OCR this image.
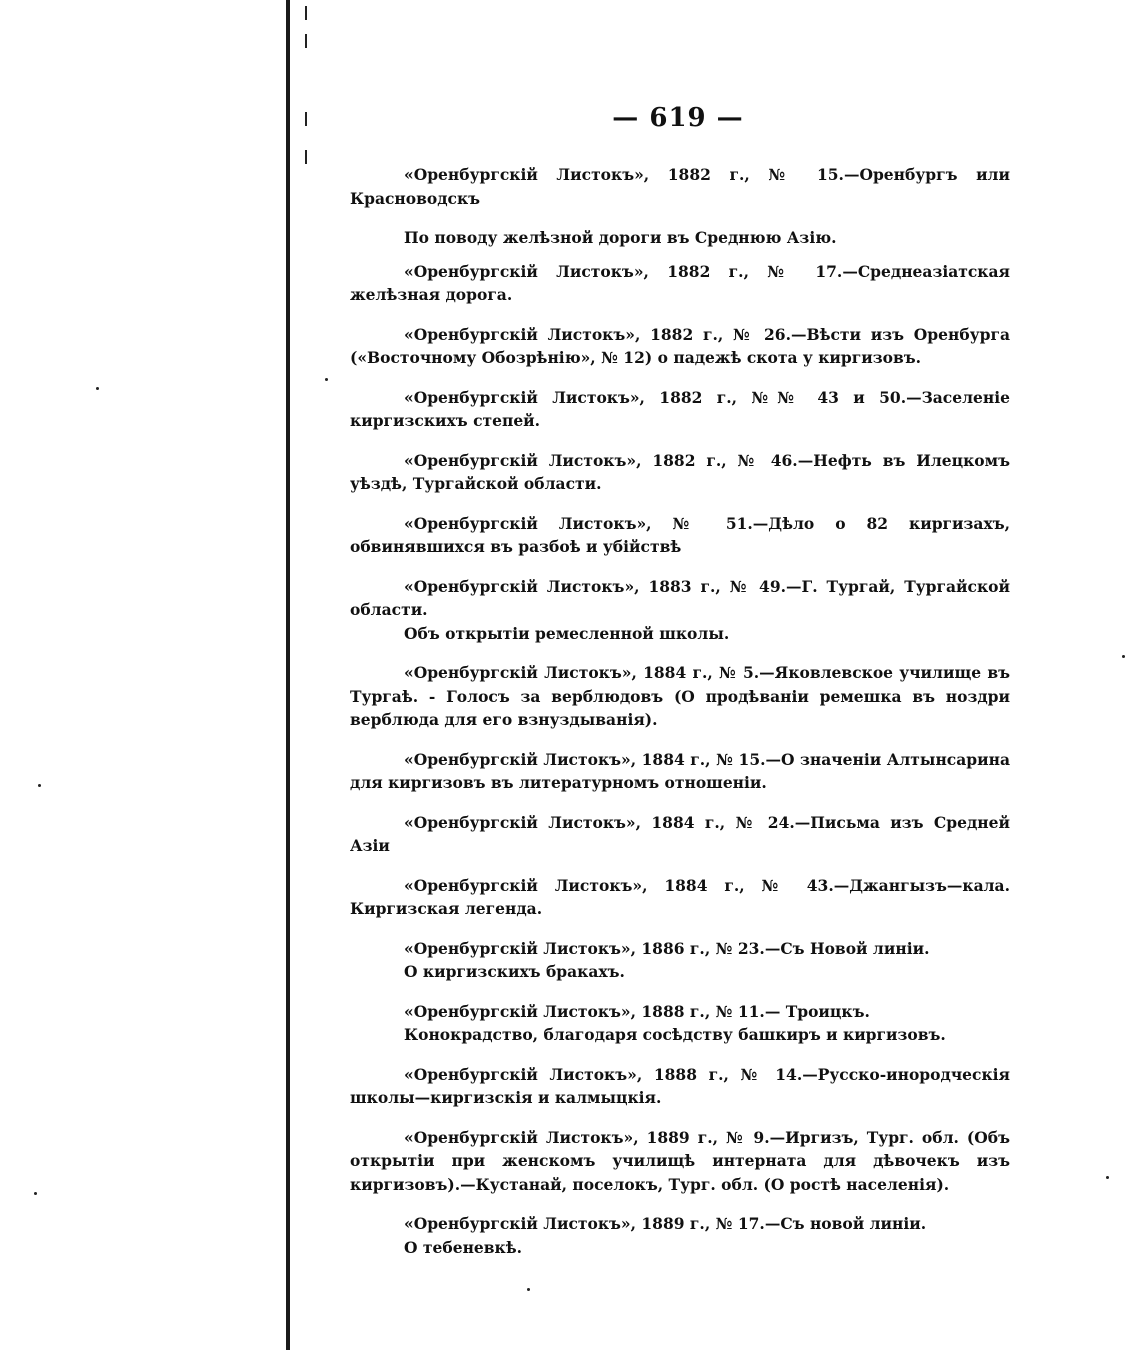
— 619 —
«Оренбургскій Листокъ», 1882 г., № 15.—Оренбургъ или Красноводскъ
По поводу желѣзной дороги въ Среднюю Азію.
«Оренбургскій Листокъ», 1882 г., № 17.—Среднеазіатская желѣзная дорога.
«Оренбургскій Листокъ», 1882 г., № 26.—Вѣсти изъ Оренбурга («Восточному Обозрѣнію», № 12) о падежѣ скота у киргизовъ.
«Оренбургскій Листокъ», 1882 г., №№ 43 и 50.—Заселеніе киргизскихъ степей.
«Оренбургскій Листокъ», 1882 г., № 46.—Нефть въ Илецкомъ уѣздѣ, Тургайской области.
«Оренбургскій Листокъ», № 51.—Дѣло о 82 киргизахъ, обвинявшихся въ разбоѣ и убійствѣ
«Оренбургскій Листокъ», 1883 г., № 49.—Г. Тургай, Тургайской области.
Объ открытіи ремесленной школы.
«Оренбургскій Листокъ», 1884 г., № 5.—Яковлевское училище въ Тургаѣ. - Голосъ за верблюдовъ (О продѣваніи ремешка въ ноздри верблюда для его взнуздыванія).
«Оренбургскій Листокъ», 1884 г., № 15.—О значеніи Алтынсарина для киргизовъ въ литературномъ отношеніи.
«Оренбургскій Листокъ», 1884 г., № 24.—Письма изъ Средней Азіи
«Оренбургскій Листокъ», 1884 г., № 43.—Джангызъ—кала. Киргизская легенда.
«Оренбургскій Листокъ», 1886 г., № 23.—Съ Новой линіи.
О киргизскихъ бракахъ.
«Оренбургскій Листокъ», 1888 г., № 11.— Троицкъ.
Конокрадство, благодаря сосѣдству башкиръ и киргизовъ.
«Оренбургскій Листокъ», 1888 г., № 14.—Русско-инородческія школы—киргизскія и калмыцкія.
«Оренбургскій Листокъ», 1889 г., № 9.—Иргизъ, Тург. обл. (Объ открытіи при женскомъ училищѣ интерната для дѣвочекъ изъ киргизовъ).—Кустанай, поселокъ, Тург. обл. (О ростѣ населенія).
«Оренбургскій Листокъ», 1889 г., № 17.—Съ новой линіи.
О тебеневкѣ.
